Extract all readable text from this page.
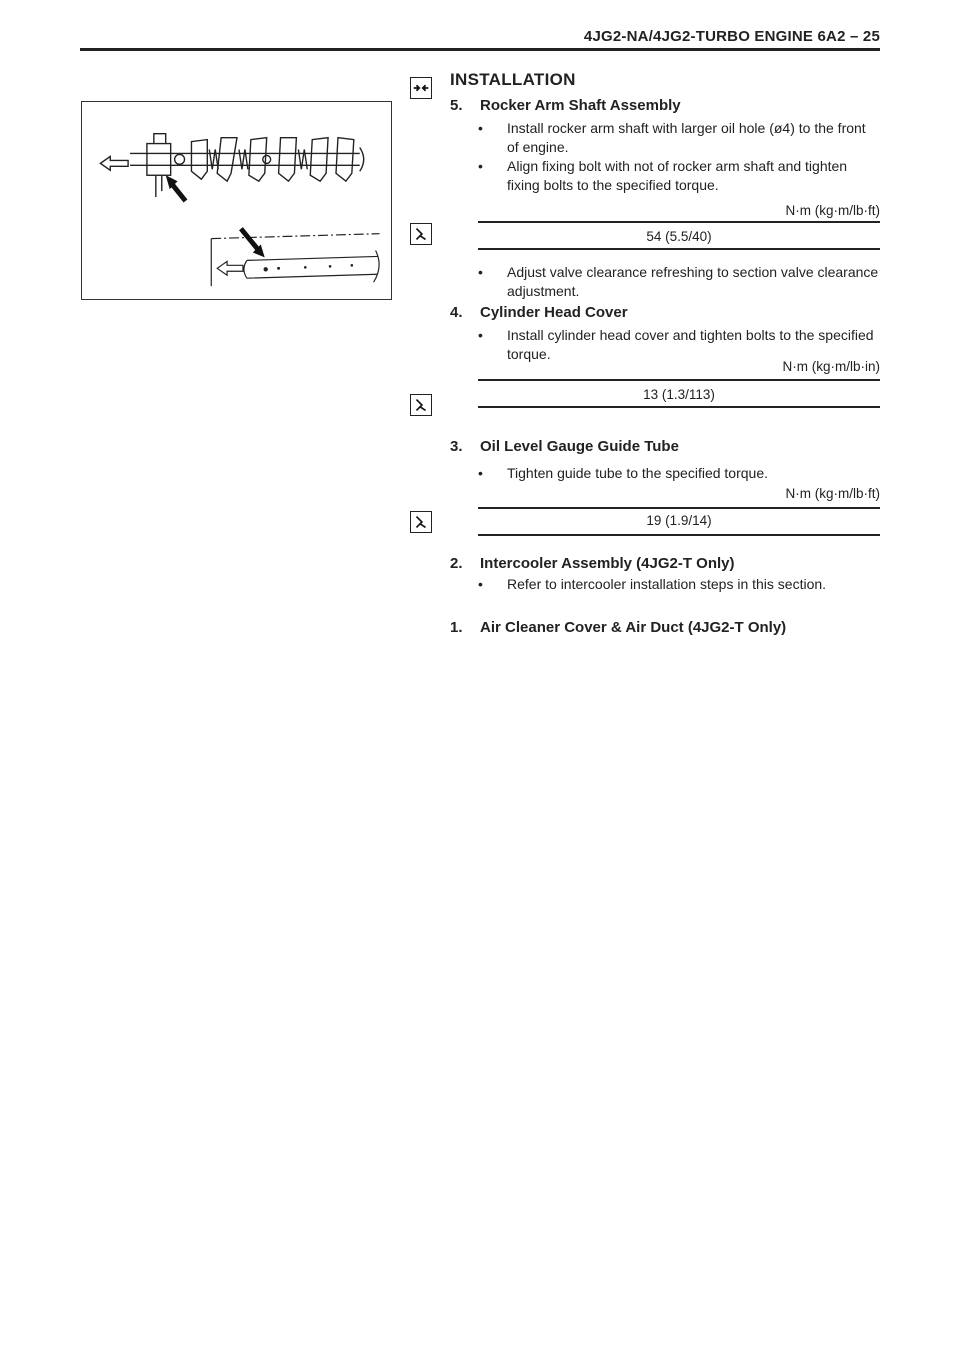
4JG2-NA/4JG2-TURBO ENGINE 6A2 – 25
INSTALLATION
5. Rocker Arm Shaft Assembly
• Install rocker arm shaft with larger oil hole (ø4) to the front of engine.
• Align fixing bolt with not of rocker arm shaft and tighten fixing bolts to the specified torque.
N·m (kg·m/lb·ft)
54 (5.5/40)
• Adjust valve clearance refreshing to section valve clearance adjustment.
4. Cylinder Head Cover
• Install cylinder head cover and tighten bolts to the specified torque.
N·m (kg·m/lb·in)
13 (1.3/113)
3. Oil Level Gauge Guide Tube
• Tighten guide tube to the specified torque.
N·m (kg·m/lb·ft)
19 (1.9/14)
2. Intercooler Assembly (4JG2-T Only)
• Refer to intercooler installation steps in this section.
1. Air Cleaner Cover & Air Duct (4JG2-T Only)
